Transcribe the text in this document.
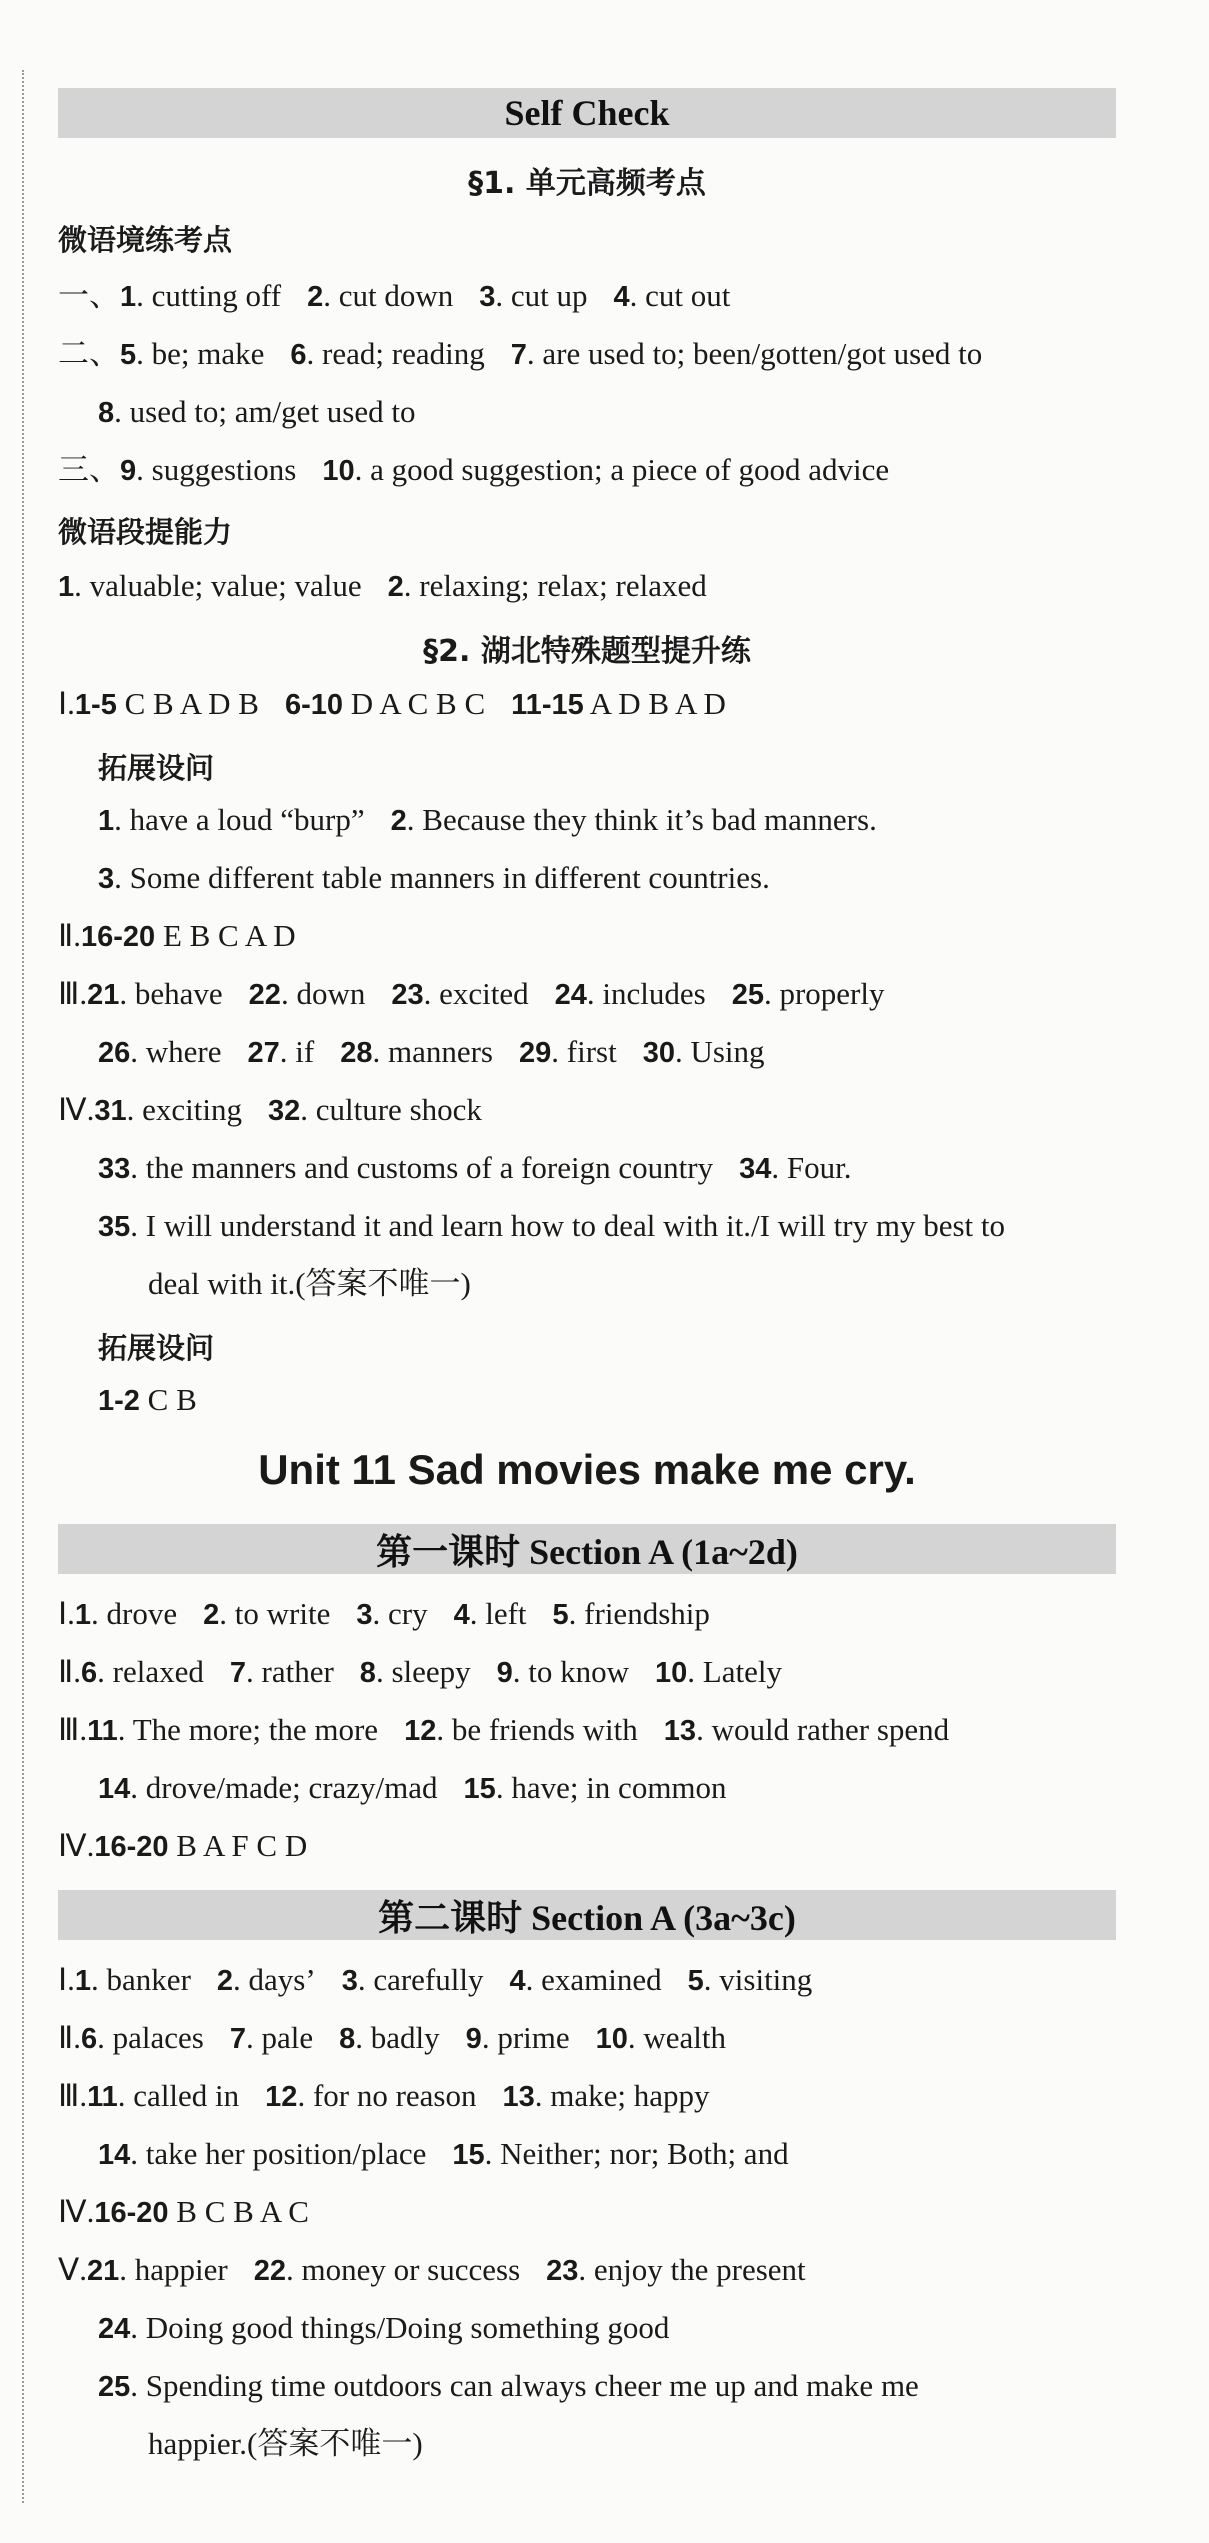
Self Check
§1. 单元高频考点
微语境练考点
一、1. cutting off 2. cut down 3. cut up 4. cut out
二、5. be; make 6. read; reading 7. are used to; been/gotten/got used to
8. used to; am/get used to
三、9. suggestions 10. a good suggestion; a piece of good advice
微语段提能力
1. valuable; value; value 2. relaxing; relax; relaxed
§2. 湖北特殊题型提升练
Ⅰ.1-5 C B A D B 6-10 D A C B C 11-15 A D B A D
拓展设问
1. have a loud “burp” 2. Because they think it’s bad manners.
3. Some different table manners in different countries.
Ⅱ.16-20 E B C A D
Ⅲ.21. behave 22. down 23. excited 24. includes 25. properly
26. where 27. if 28. manners 29. first 30. Using
Ⅳ.31. exciting 32. culture shock
33. the manners and customs of a foreign country 34. Four.
35. I will understand it and learn how to deal with it./I will try my best to
deal with it.(答案不唯一)
拓展设问
1-2 C B
Unit 11 Sad movies make me cry.
第一课时 Section A (1a~2d)
Ⅰ.1. drove 2. to write 3. cry 4. left 5. friendship
Ⅱ.6. relaxed 7. rather 8. sleepy 9. to know 10. Lately
Ⅲ.11. The more; the more 12. be friends with 13. would rather spend
14. drove/made; crazy/mad 15. have; in common
Ⅳ.16-20 B A F C D
第二课时 Section A (3a~3c)
Ⅰ.1. banker 2. days’ 3. carefully 4. examined 5. visiting
Ⅱ.6. palaces 7. pale 8. badly 9. prime 10. wealth
Ⅲ.11. called in 12. for no reason 13. make; happy
14. take her position/place 15. Neither; nor; Both; and
Ⅳ.16-20 B C B A C
Ⅴ.21. happier 22. money or success 23. enjoy the present
24. Doing good things/Doing something good
25. Spending time outdoors can always cheer me up and make me
happier.(答案不唯一)
